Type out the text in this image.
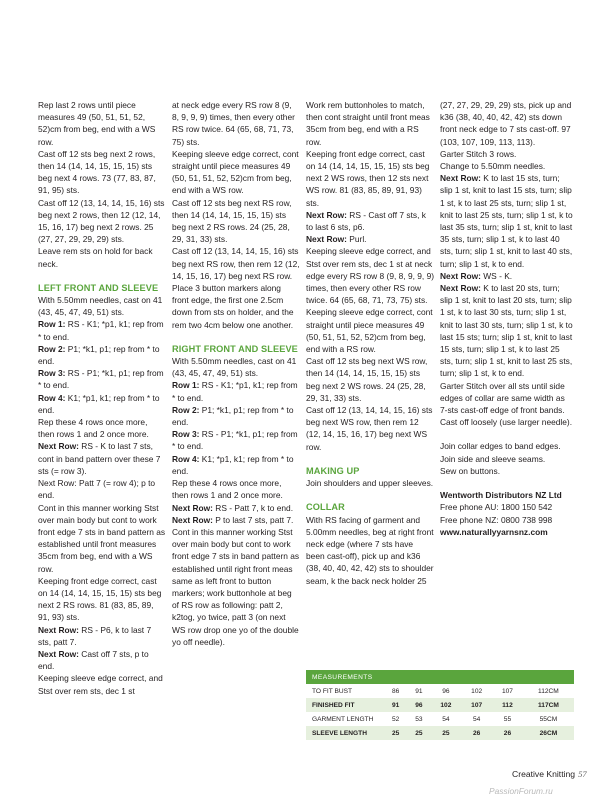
Rep last 2 rows until piece measures 49 (50, 51, 51, 52, 52)cm from beg, end with a WS row.

Cast off 12 sts beg next 2 rows, then 14 (14, 14, 15, 15, 15) sts beg next 4 rows. 73 (77, 83, 87, 91, 95) sts.

Cast off 12 (13, 14, 14, 15, 16) sts beg next 2 rows, then 12 (12, 14, 15, 16, 17) beg next 2 rows. 25 (27, 27, 29, 29, 29) sts.

Leave rem sts on hold for back neck.

LEFT FRONT AND SLEEVE

With 5.50mm needles, cast on 41 (43, 45, 47, 49, 51) sts.

Row 1: RS - K1; *p1, k1; rep from * to end.

Row 2: P1; *k1, p1; rep from * to end.

Row 3: RS - P1; *k1, p1; rep from * to end.

Row 4: K1; *p1, k1; rep from * to end.

Rep these 4 rows once more, then rows 1 and 2 once more.

Next Row: RS - K to last 7 sts, cont in band pattern over these 7 sts (= row 3).

Next Row: Patt 7 (= row 4); p to end.

Cont in this manner working Stst over main body but cont to work front edge 7 sts in band pattern as established until front measures 35cm from beg, end with a WS row.

Keeping front edge correct, cast on 14 (14, 14, 15, 15, 15) sts beg next 2 RS rows. 81 (83, 85, 89, 91, 93) sts.

Next Row: RS - P6, k to last 7 sts, patt 7.

Next Row: Cast off 7 sts, p to end.

Keeping sleeve edge correct, and Stst over rem sts, dec 1 st

at neck edge every RS row 8 (9, 8, 9, 9, 9) times, then every other RS row twice. 64 (65, 68, 71, 73, 75) sts.

Keeping sleeve edge correct, cont straight until piece measures 49 (50, 51, 51, 52, 52)cm from beg, end with a WS row.

Cast off 12 sts beg next RS row, then 14 (14, 14, 15, 15, 15) sts beg next 2 RS rows. 24 (25, 28, 29, 31, 33) sts.

Cast off 12 (13, 14, 14, 15, 16) sts beg next RS row, then rem 12 (12, 14, 15, 16, 17) beg next RS row.

Place 3 button markers along front edge, the first one 2.5cm down from sts on holder, and the rem two 4cm below one another.

RIGHT FRONT AND SLEEVE

With 5.50mm needles, cast on 41 (43, 45, 47, 49, 51) sts.

Row 1: RS - K1; *p1, k1; rep from * to end.

Row 2: P1; *k1, p1; rep from * to end.

Row 3: RS - P1; *k1, p1; rep from * to end.

Row 4: K1; *p1, k1; rep from * to end.

Rep these 4 rows once more, then rows 1 and 2 once more.

Next Row: RS - Patt 7, k to end.

Next Row: P to last 7 sts, patt 7.

Cont in this manner working Stst over main body but cont to work front edge 7 sts in band pattern as established until right front meas same as left front to button markers; work buttonhole at beg of RS row as following: patt 2, k2tog, yo twice, patt 3 (on next WS row drop one yo of the double yo off needle).

Work rem buttonholes to match, then cont straight until front meas 35cm from beg, end with a RS row.

Keeping front edge correct, cast on 14 (14, 14, 15, 15, 15) sts beg next 2 WS rows, then 12 sts next WS row. 81 (83, 85, 89, 91, 93) sts.

Next Row: RS - Cast off 7 sts, k to last 6 sts, p6.

Next Row: Purl.

Keeping sleeve edge correct, and Stst over rem sts, dec 1 st at neck edge every RS row 8 (9, 8, 9, 9, 9) times, then every other RS row twice. 64 (65, 68, 71, 73, 75) sts.

Keeping sleeve edge correct, cont straight until piece measures 49 (50, 51, 51, 52, 52)cm from beg, end with a RS row.

Cast off 12 sts beg next WS row, then 14 (14, 14, 15, 15, 15) sts beg next 2 WS rows. 24 (25, 28, 29, 31, 33) sts.

Cast off 12 (13, 14, 14, 15, 16) sts beg next WS row, then rem 12 (12, 14, 15, 16, 17) beg next WS row.

MAKING UP

Join shoulders and upper sleeves.

COLLAR

With RS facing of garment and 5.00mm needles, beg at right front neck edge (where 7 sts have been cast-off), pick up and k36 (38, 40, 40, 42, 42) sts to shoulder seam, k the back neck holder 25

(27, 27, 29, 29, 29) sts, pick up and k36 (38, 40, 40, 42, 42) sts down front neck edge to 7 sts cast-off. 97 (103, 107, 109, 113, 113).

Garter Stitch 3 rows.

Change to 5.50mm needles.

Next Row: K to last 15 sts, turn; slip 1 st, knit to last 15 sts, turn; slip 1 st, k to last 25 sts, turn; slip 1 st, knit to last 25 sts, turn; slip 1 st, k to last 35 sts, turn; slip 1 st, knit to last 35 sts, turn; slip 1 st, k to last 40 sts, turn; slip 1 st, knit to last 40 sts, turn; slip 1 st, k to end.

Next Row: WS - K.

Next Row: K to last 20 sts, turn; slip 1 st, knit to last 20 sts, turn; slip 1 st, k to last 30 sts, turn; slip 1 st, knit to last 30 sts, turn; slip 1 st, k to last 15 sts; turn; slip 1 st, knit to last 15 sts, turn; slip 1 st, k to last 25 sts, turn; slip 1 st, knit to last 25 sts, turn; slip 1 st, k to end.

Garter Stitch over all sts until side edges of collar are same width as 7-sts cast-off edge of front bands.

Cast off loosely (use larger needle).

Join collar edges to band edges.

Join side and sleeve seams.

Sew on buttons.

Wentworth Distributors NZ Ltd

Free phone AU: 1800 150 542

Free phone NZ: 0800 738 998

www.naturallyyarnsnz.com
MEASUREMENTS						
TO FIT BUST	86	91	96	102	107	112CM
FINISHED FIT	91	96	102	107	112	117CM
GARMENT LENGTH	52	53	54	54	55	55CM
SLEEVE LENGTH	25	25	25	26	26	26CM
Creative Knitting 57
PassionForum.ru
